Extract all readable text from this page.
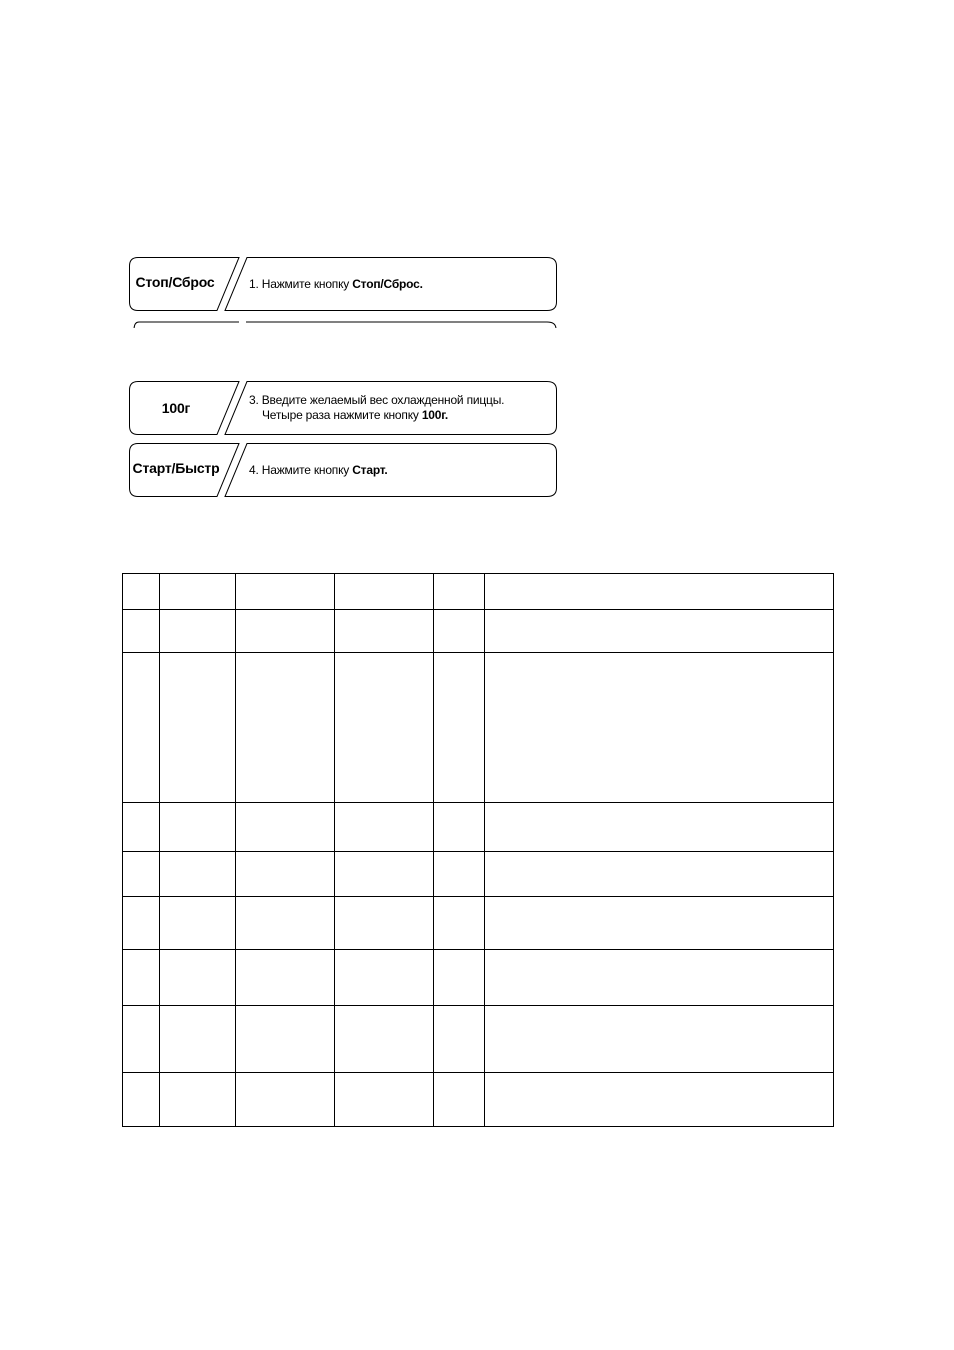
Стоп/Сброс	1. Нажмите кнопку Стоп/Сброс.
100г	3. Введите желаемый вес охлажденной пиццы.
Четыре раза нажмите кнопку 100г.
Старт/Быстр 4. Нажмите кнопку Старт.
